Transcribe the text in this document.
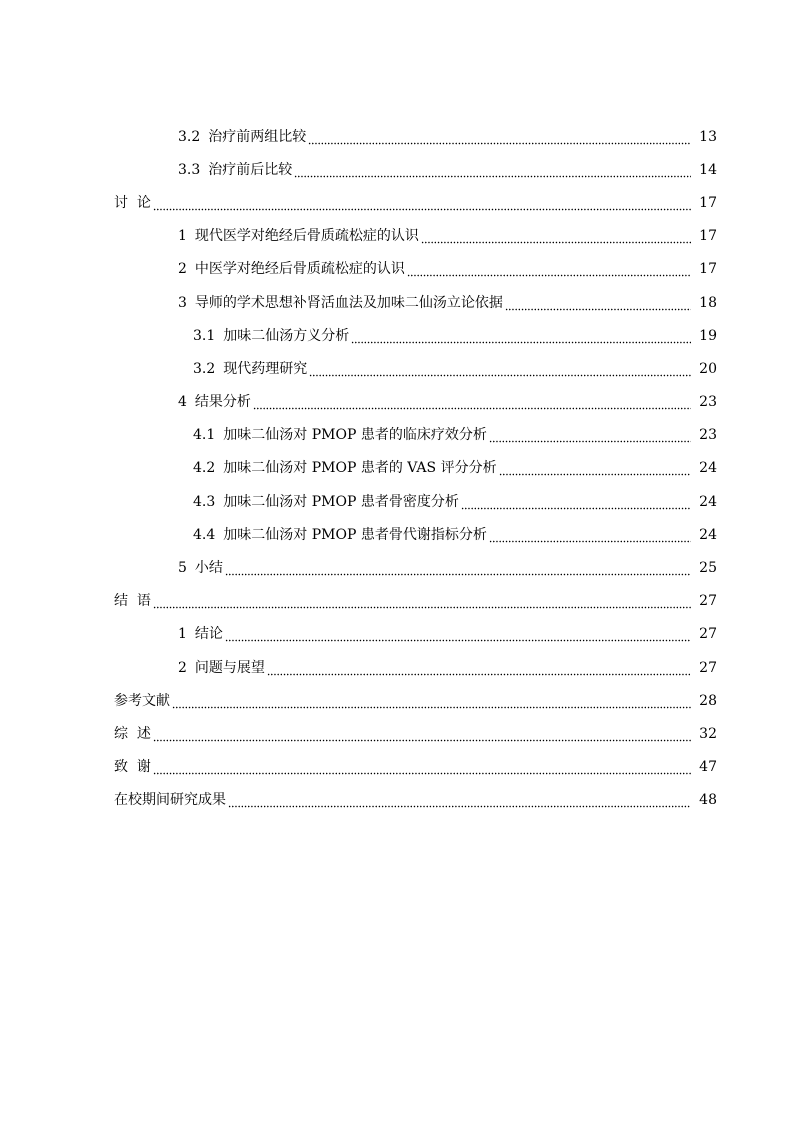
3.2 治疗前两组比较	13
3.3 治疗前后比较	14
讨  论	17
1 现代医学对绝经后骨质疏松症的认识	17
2 中医学对绝经后骨质疏松症的认识	17
3 导师的学术思想补肾活血法及加味二仙汤立论依据	18
3.1 加味二仙汤方义分析	19
3.2 现代药理研究	20
4 结果分析	23
4.1 加味二仙汤对 PMOP 患者的临床疗效分析	23
4.2 加味二仙汤对 PMOP 患者的 VAS 评分分析	24
4.3 加味二仙汤对 PMOP 患者骨密度分析	24
4.4 加味二仙汤对 PMOP 患者骨代谢指标分析	24
5 小结	25
结  语	27
1 结论	27
2 问题与展望	27
参考文献	28
综  述	32
致  谢	47
在校期间研究成果	48
